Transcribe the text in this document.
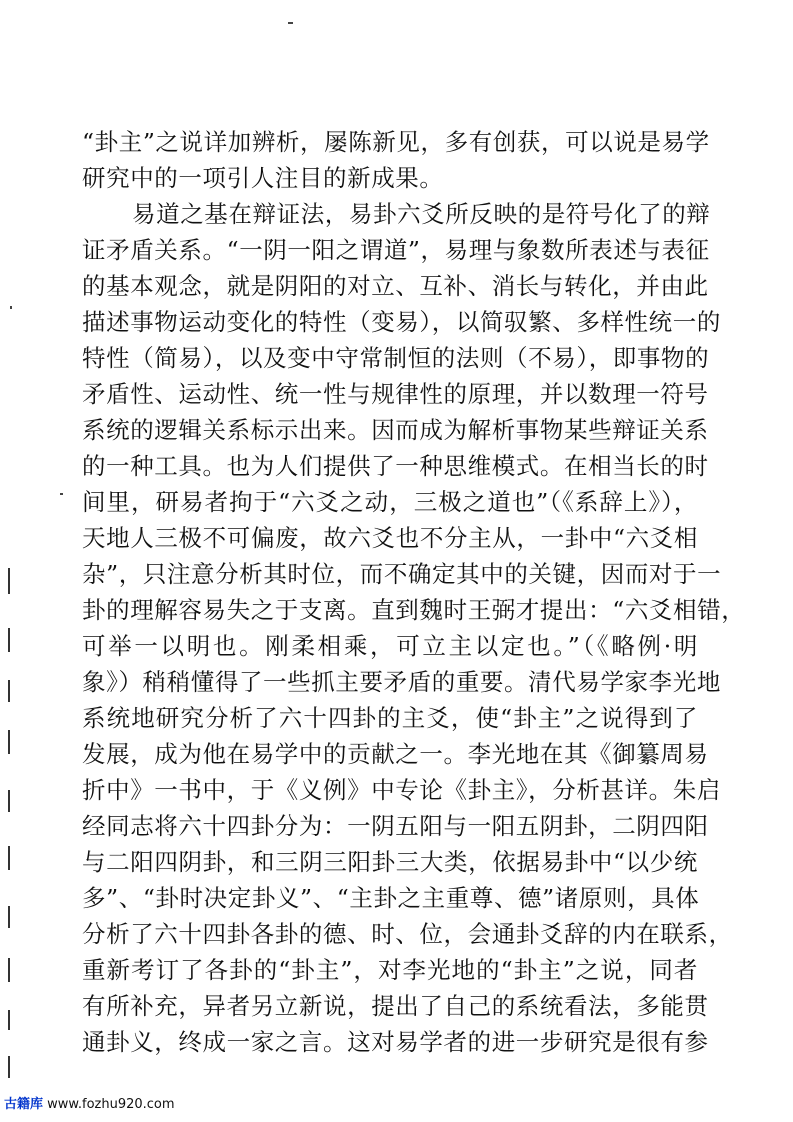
“卦主”之说详加辨析，屡陈新见，多有创获，可以说是易学
研究中的一项引人注目的新成果。
易道之基在辩证法，易卦六爻所反映的是符号化了的辩
证矛盾关系。“一阴一阳之谓道”，易理与象数所表述与表征
的基本观念，就是阴阳的对立、互补、消长与转化，并由此
描述事物运动变化的特性（变易），以简驭繁、多样性统一的
特性（简易），以及变中守常制恒的法则（不易），即事物的
矛盾性、运动性、统一性与规律性的原理，并以数理一符号
系统的逻辑关系标示出来。因而成为解析事物某些辩证关系
的一种工具。也为人们提供了一种思维模式。在相当长的时
间里，研易者拘于“六爻之动，三极之道也”（《系辞上》），
天地人三极不可偏废，故六爻也不分主从，一卦中“六爻相
杂”，只注意分析其时位，而不确定其中的关键，因而对于一
卦的理解容易失之于支离。直到魏时王弼才提出：“六爻相错，
可举一以明也。刚柔相乘，可立主以定也。”（《略例·明
象》）稍稍懂得了一些抓主要矛盾的重要。清代易学家李光地
系统地研究分析了六十四卦的主爻，使“卦主”之说得到了
发展，成为他在易学中的贡献之一。李光地在其《御纂周易
折中》一书中，于《义例》中专论《卦主》，分析甚详。朱启
经同志将六十四卦分为：一阴五阳与一阳五阴卦，二阴四阳
与二阳四阴卦，和三阴三阳卦三大类，依据易卦中“以少统
多”、“卦时决定卦义”、“主卦之主重尊、德”诸原则，具体
分析了六十四卦各卦的德、时、位，会通卦爻辞的内在联系，
重新考订了各卦的“卦主”，对李光地的“卦主”之说，同者
有所补充，异者另立新说，提出了自己的系统看法，多能贯
通卦义，终成一家之言。这对易学者的进一步研究是很有参
古籍库 www.fozhu920.com
